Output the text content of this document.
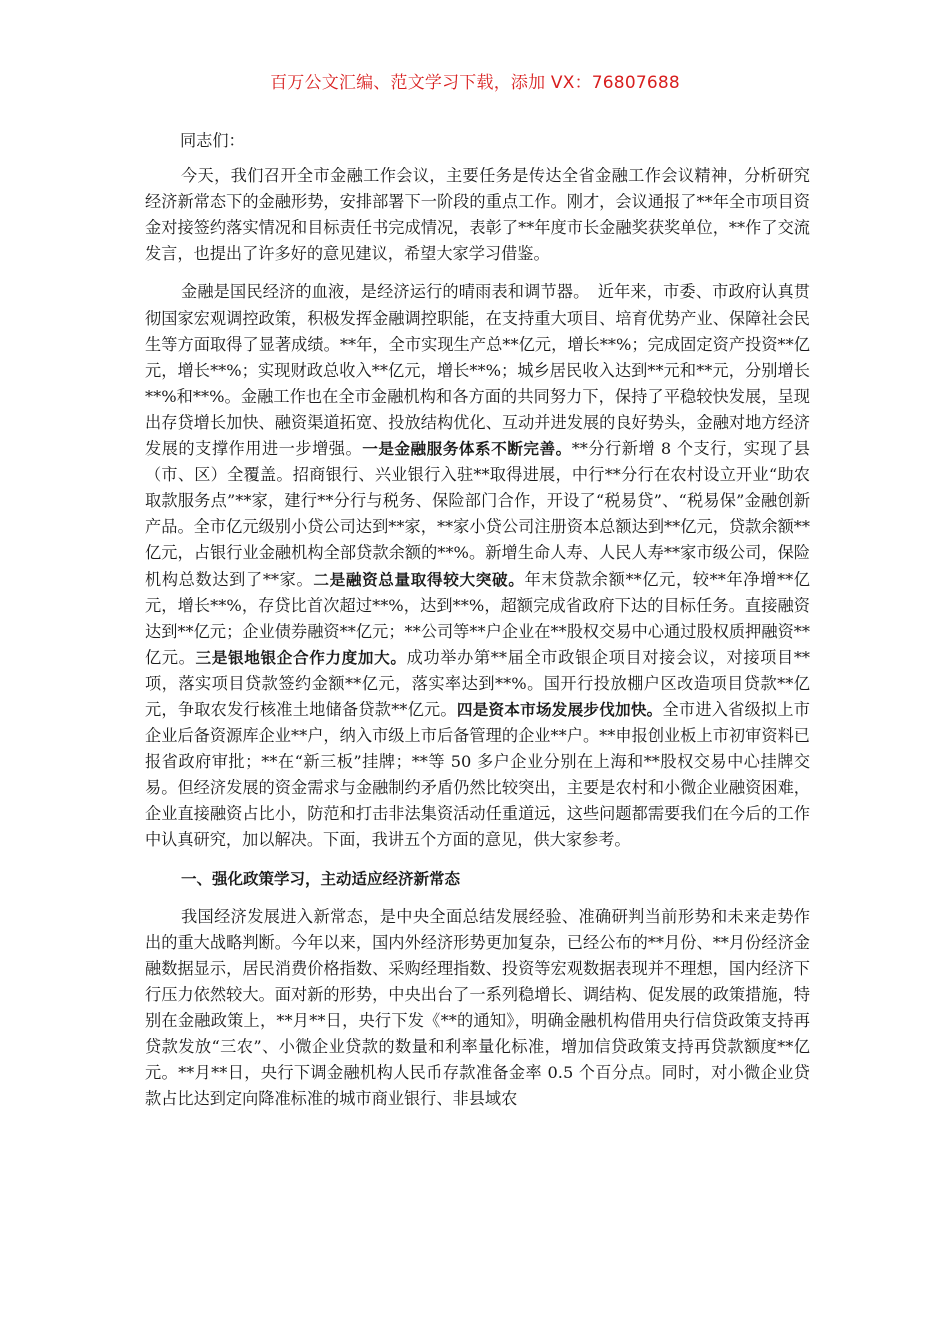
百万公文汇编、范文学习下载，添加 VX：76807688

同志们：

今天，我们召开全市金融工作会议，主要任务是传达全省金融工作会议精神，分析研究经济新常态下的金融形势，安排部署下一阶段的重点工作。刚才，会议通报了**年全市项目资金对接签约落实情况和目标责任书完成情况，表彰了**年度市长金融奖获奖单位，**作了交流发言，也提出了许多好的意见建议，希望大家学习借鉴。

金融是国民经济的血液，是经济运行的晴雨表和调节器。　近年来，市委、市政府认真贯彻国家宏观调控政策，积极发挥金融调控职能，在支持重大项目、培育优势产业、保障社会民生等方面取得了显著成绩。**年，全市实现生产总**亿元，增长**%；完成固定资产投资**亿元，增长**%；实现财政总收入**亿元，增长**%；城乡居民收入达到**元和**元，分别增长**%和**%。金融工作也在全市金融机构和各方面的共同努力下，保持了平稳较快发展，呈现出存贷增长加快、融资渠道拓宽、投放结构优化、互动并进发展的良好势头，金融对地方经济发展的支撑作用进一步增强。一是金融服务体系不断完善。**分行新增 8 个支行，实现了县（市、区）全覆盖。招商银行、兴业银行入驻**取得进展，中行**分行在农村设立开业“助农取款服务点”**家，建行**分行与税务、保险部门合作，开设了“税易贷”、“税易保”金融创新产品。全市亿元级别小贷公司达到**家，**家小贷公司注册资本总额达到**亿元，贷款余额**亿元，占银行业金融机构全部贷款余额的**%。新增生命人寿、人民人寿**家市级公司，保险机构总数达到了**家。二是融资总量取得较大突破。年末贷款余额**亿元，较**年净增**亿元，增长**%，存贷比首次超过**%，达到**%，超额完成省政府下达的目标任务。直接融资达到**亿元；企业债券融资**亿元；**公司等**户企业在**股权交易中心通过股权质押融资**亿元。三是银地银企合作力度加大。成功举办第**届全市政银企项目对接会议，对接项目**项，落实项目贷款签约金额**亿元，落实率达到**%。国开行投放棚户区改造项目贷款**亿元，争取农发行核准土地储备贷款**亿元。四是资本市场发展步伐加快。全市进入省级拟上市企业后备资源库企业**户，纳入市级上市后备管理的企业**户。**申报创业板上市初审资料已报省政府审批；**在“新三板”挂牌；**等 50 多户企业分别在上海和**股权交易中心挂牌交易。但经济发展的资金需求与金融制约矛盾仍然比较突出，主要是农村和小微企业融资困难，企业直接融资占比小，防范和打击非法集资活动任重道远，这些问题都需要我们在今后的工作中认真研究，加以解决。下面，我讲五个方面的意见，供大家参考。

一、强化政策学习，主动适应经济新常态

我国经济发展进入新常态，是中央全面总结发展经验、准确研判当前形势和未来走势作出的重大战略判断。今年以来，国内外经济形势更加复杂，已经公布的**月份、**月份经济金融数据显示，居民消费价格指数、采购经理指数、投资等宏观数据表现并不理想，国内经济下行压力依然较大。面对新的形势，中央出台了一系列稳增长、调结构、促发展的政策措施，特别在金融政策上，**月**日，央行下发《**的通知》，明确金融机构借用央行信贷政策支持再贷款发放“三农”、小微企业贷款的数量和利率量化标准，增加信贷政策支持再贷款额度**亿元。**月**日，央行下调金融机构人民币存款准备金率 0.5 个百分点。同时，对小微企业贷款占比达到定向降准标准的城市商业银行、非县域农
